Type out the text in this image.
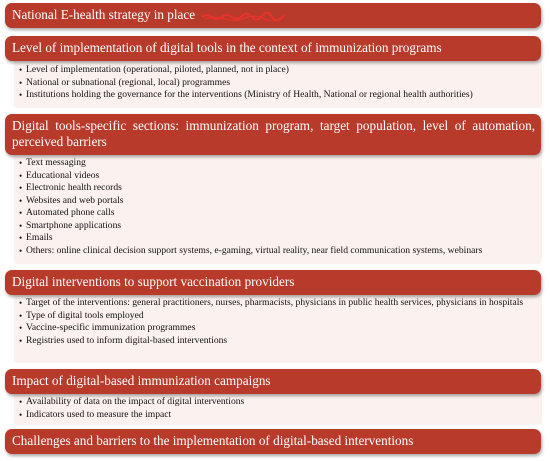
National E-health strategy in place
Level of implementation of digital tools in the context of immunization programs
• Level of implementation (operational, piloted, planned, not in place)
• National or subnational (regional, local) programmes
• Institutions holding the governance for the interventions (Ministry of Health, National or regional health authorities)
Digital tools-specific sections: immunization program, target population, level of automation, perceived barriers
• Text messaging
• Educational videos
• Electronic health records
• Websites and web portals
• Automated phone calls
• Smartphone applications
• Emails
• Others: online clinical decision support systems, e-gaming, virtual reality, near field communication systems, webinars
Digital interventions to support vaccination providers
• Target of the interventions: general practitioners, nurses, pharmacists, physicians in public health services, physicians in hospitals
• Type of digital tools employed
• Vaccine-specific immunization programmes
• Registries used to inform digital-based interventions
Impact of digital-based immunization campaigns
• Availability of data on the impact of digital interventions
• Indicators used to measure the impact
Challenges and barriers to the implementation of digital-based interventions
